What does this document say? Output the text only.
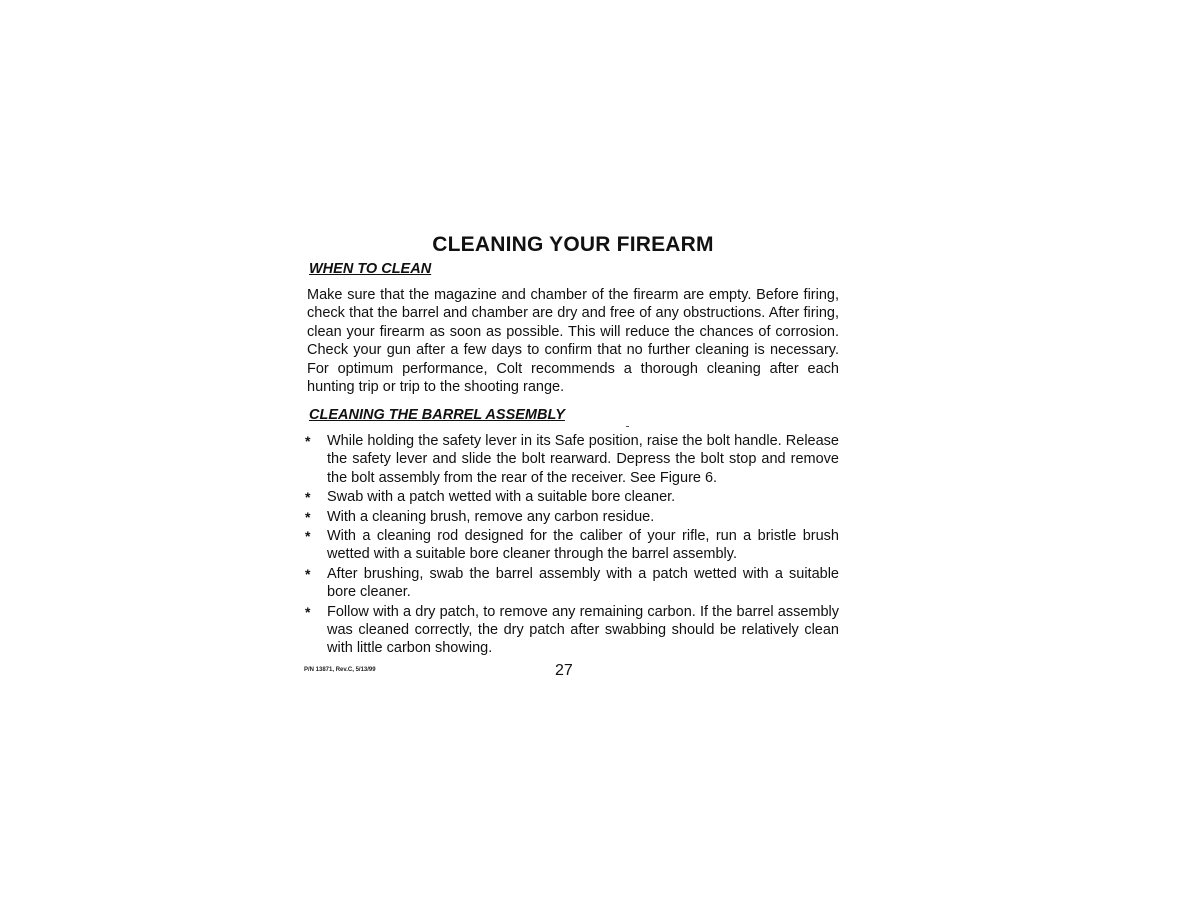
CLEANING YOUR FIREARM
WHEN TO CLEAN

Make sure that the magazine and chamber of the firearm are empty. Before firing, check that the barrel and chamber are dry and free of any obstructions. After firing, clean your firearm as soon as possible. This will reduce the chances of corrosion. Check your gun after a few days to confirm that no further cleaning is necessary. For optimum performance, Colt recommends a thorough cleaning after each hunting trip or trip to the shooting range.

CLEANING THE BARREL ASSEMBLY
*	While holding the safety lever in its Safe position, raise the bolt handle. Release the safety lever and slide the bolt rearward. Depress the bolt stop and remove the bolt assembly from the rear of the receiver. See Figure 6.
*	Swab with a patch wetted with a suitable bore cleaner.
*	With a cleaning brush, remove any carbon residue.
*	With a cleaning rod designed for the caliber of your rifle, run a bristle brush wetted with a suitable bore cleaner through the barrel assembly.
*	After brushing, swab the barrel assembly with a patch wetted with a suitable bore cleaner.
*	Follow with a dry patch, to remove any remaining carbon. If the barrel assembly was cleaned correctly, the dry patch after swabbing should be relatively clean with little carbon showing.
P/N 13871, Rev.C, 5/13/99	27
